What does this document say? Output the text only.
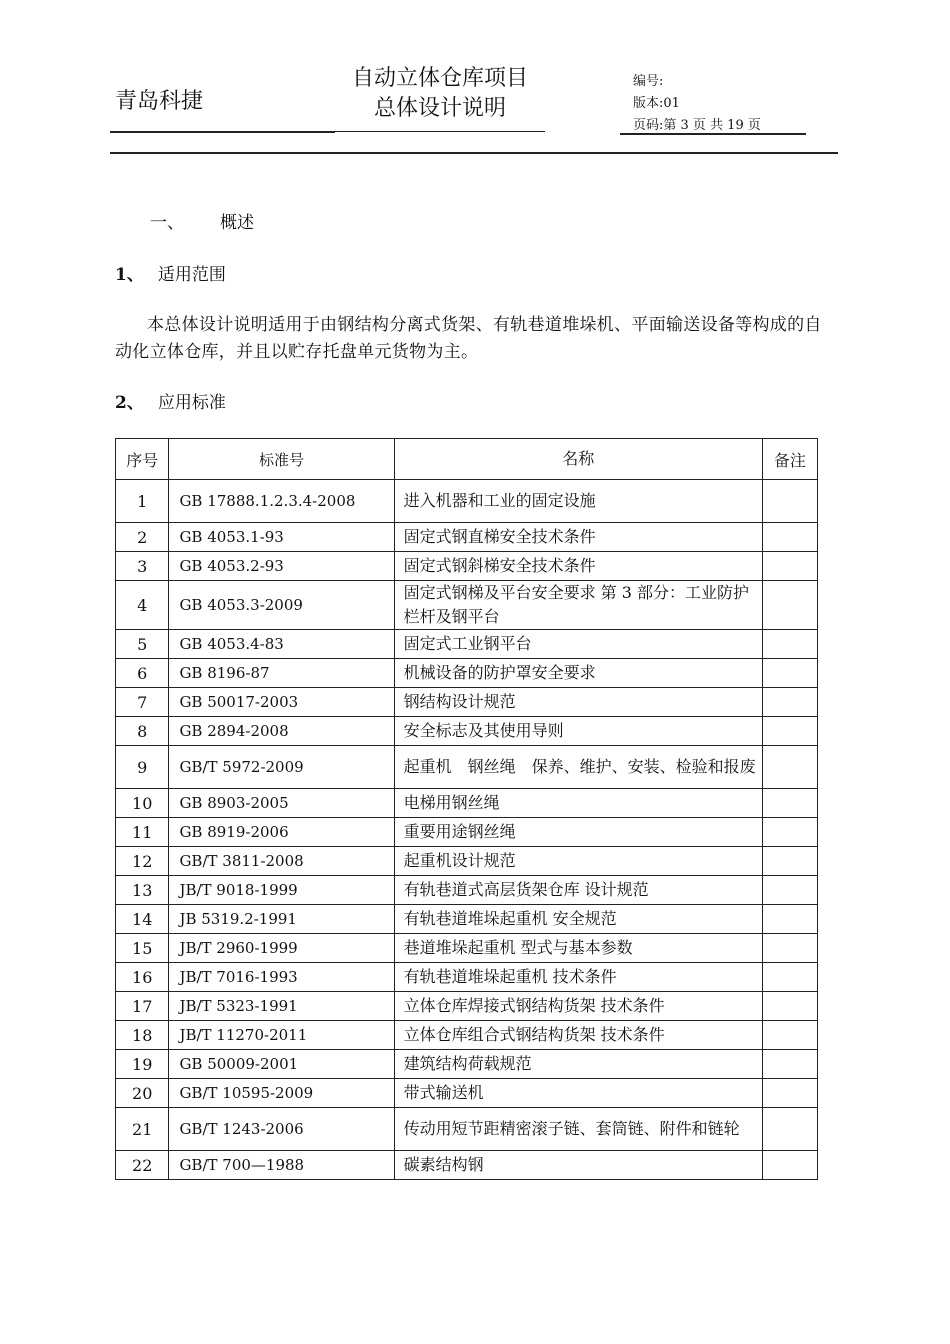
青岛科捷
自动立体仓库项目
总体设计说明
编号:
版本:01
页码:第 3 页 共 19 页
一、 概述
1、 适用范围
本总体设计说明适用于由钢结构分离式货架、有轨巷道堆垛机、平面输送设备等构成的自动化立体仓库，并且以贮存托盘单元货物为主。
2、 应用标准
序号	标准号	名称	备注
1	GB 17888.1.2.3.4-2008	进入机器和工业的固定设施	
2	GB 4053.1-93	固定式钢直梯安全技术条件	
3	GB 4053.2-93	固定式钢斜梯安全技术条件	
4	GB 4053.3-2009	固定式钢梯及平台安全要求 第 3 部分：工业防护栏杆及钢平台	
5	GB 4053.4-83	固定式工业钢平台	
6	GB 8196-87	机械设备的防护罩安全要求	
7	GB 50017-2003	钢结构设计规范	
8	GB 2894-2008	安全标志及其使用导则	
9	GB/T 5972-2009	起重机　钢丝绳　保养、维护、安装、检验和报废	
10	GB 8903-2005	电梯用钢丝绳	
11	GB 8919-2006	重要用途钢丝绳	
12	GB/T 3811-2008	起重机设计规范	
13	JB/T 9018-1999	有轨巷道式高层货架仓库 设计规范	
14	JB 5319.2-1991	有轨巷道堆垛起重机 安全规范	
15	JB/T 2960-1999	巷道堆垛起重机 型式与基本参数	
16	JB/T 7016-1993	有轨巷道堆垛起重机 技术条件	
17	JB/T 5323-1991	立体仓库焊接式钢结构货架 技术条件	
18	JB/T 11270-2011	立体仓库组合式钢结构货架 技术条件	
19	GB 50009-2001	建筑结构荷载规范	
20	GB/T 10595-2009	带式输送机	
21	GB/T 1243-2006	传动用短节距精密滚子链、套筒链、附件和链轮	
22	GB/T 700—1988	碳素结构钢	
